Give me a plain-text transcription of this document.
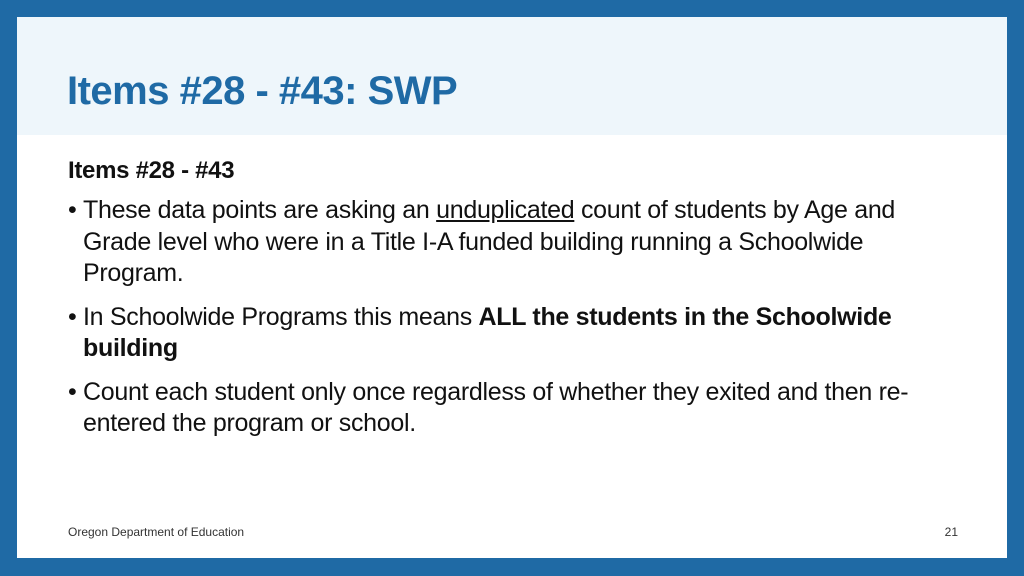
Items #28 - #43: SWP
Items #28 - #43
• These data points are asking an unduplicated count of students by Age and Grade level who were in a Title I-A funded building running a Schoolwide Program.
• In Schoolwide Programs this means ALL the students in the Schoolwide building
• Count each student only once regardless of whether they exited and then re-entered the program or school.
Oregon Department of Education	21
